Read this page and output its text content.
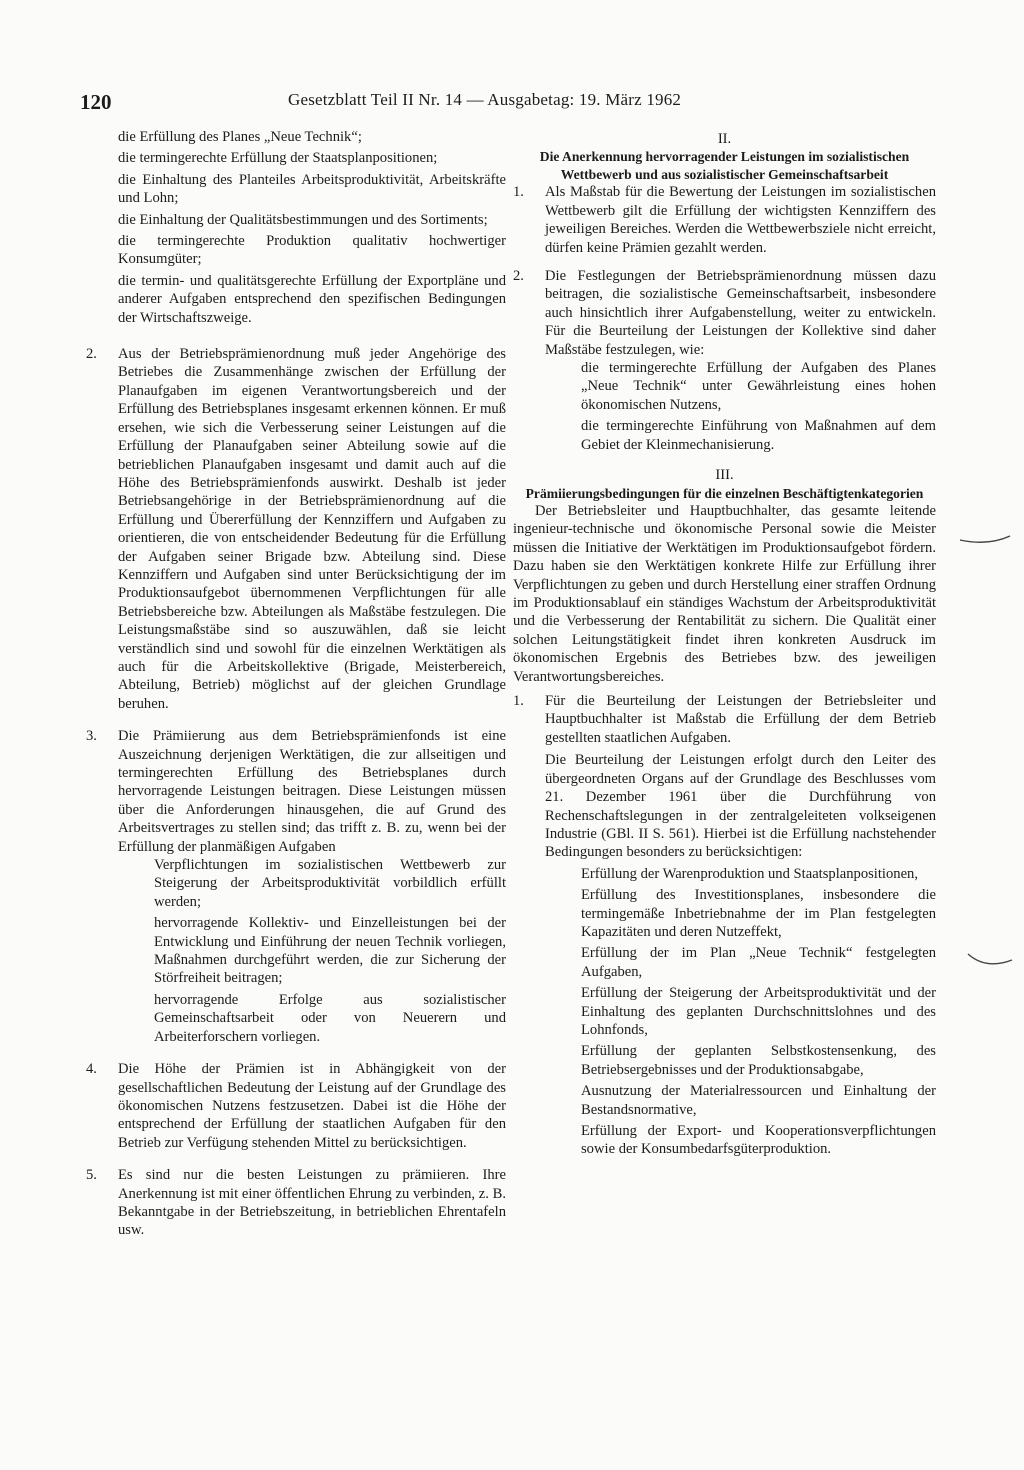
120	Gesetzblatt Teil II Nr. 14 — Ausgabetag: 19. März 1962

die Erfüllung des Planes „Neue Technik“;

die termingerechte Erfüllung der Staatsplanpositionen;

die Einhaltung des Planteiles Arbeitsproduktivität, Arbeitskräfte und Lohn;

die Einhaltung der Qualitätsbestimmungen und des Sortiments;

die termingerechte Produktion qualitativ hochwertiger Konsumgüter;

die termin- und qualitätsgerechte Erfüllung der Exportpläne und anderer Aufgaben entsprechend den spezifischen Bedingungen der Wirtschaftszweige.

2.	Aus der Betriebsprämienordnung muß jeder Angehörige des Betriebes die Zusammenhänge zwischen der Erfüllung der Planaufgaben im eigenen Verantwortungsbereich und der Erfüllung des Betriebsplanes insgesamt erkennen können. Er muß ersehen, wie sich die Verbesserung seiner Leistungen auf die Erfüllung der Planaufgaben seiner Abteilung sowie auf die betrieblichen Planaufgaben insgesamt und damit auch auf die Höhe des Betriebsprämienfonds auswirkt. Deshalb ist jeder Betriebsangehörige in der Betriebsprämienordnung auf die Erfüllung und Übererfüllung der Kennziffern und Aufgaben zu orientieren, die von entscheidender Bedeutung für die Erfüllung der Aufgaben seiner Brigade bzw. Abteilung sind. Diese Kennziffern und Aufgaben sind unter Berücksichtigung der im Produktionsaufgebot übernommenen Verpflichtungen für alle Betriebsbereiche bzw. Abteilungen als Maßstäbe festzulegen. Die Leistungsmaßstäbe sind so auszuwählen, daß sie leicht verständlich sind und sowohl für die einzelnen Werktätigen als auch für die Arbeitskollektive (Brigade, Meisterbereich, Abteilung, Betrieb) möglichst auf der gleichen Grundlage beruhen.

3.	Die Prämiierung aus dem Betriebsprämienfonds ist eine Auszeichnung derjenigen Werktätigen, die zur allseitigen und termingerechten Erfüllung des Betriebsplanes durch hervorragende Leistungen beitragen. Diese Leistungen müssen über die Anforderungen hinausgehen, die auf Grund des Arbeitsvertrages zu stellen sind; das trifft z. B. zu, wenn bei der Erfüllung der planmäßigen Aufgaben

Verpflichtungen im sozialistischen Wettbewerb zur Steigerung der Arbeitsproduktivität vorbildlich erfüllt werden;

hervorragende Kollektiv- und Einzelleistungen bei der Entwicklung und Einführung der neuen Technik vorliegen, Maßnahmen durchgeführt werden, die zur Sicherung der Störfreiheit beitragen;

hervorragende Erfolge aus sozialistischer Gemeinschaftsarbeit oder von Neuerern und Arbeiterforschern vorliegen.

4.	Die Höhe der Prämien ist in Abhängigkeit von der gesellschaftlichen Bedeutung der Leistung auf der Grundlage des ökonomischen Nutzens festzusetzen. Dabei ist die Höhe der entsprechend der Erfüllung der staatlichen Aufgaben für den Betrieb zur Verfügung stehenden Mittel zu berücksichtigen.

5.	Es sind nur die besten Leistungen zu prämiieren. Ihre Anerkennung ist mit einer öffentlichen Ehrung zu verbinden, z. B. Bekanntgabe in der Betriebszeitung, in betrieblichen Ehrentafeln usw.

II.

Die Anerkennung hervorragender Leistungen im sozialistischen Wettbewerb und aus sozialistischer Gemeinschaftsarbeit

1.	Als Maßstab für die Bewertung der Leistungen im sozialistischen Wettbewerb gilt die Erfüllung der wichtigsten Kennziffern des jeweiligen Bereiches. Werden die Wettbewerbsziele nicht erreicht, dürfen keine Prämien gezahlt werden.

2.	Die Festlegungen der Betriebsprämienordnung müssen dazu beitragen, die sozialistische Gemeinschaftsarbeit, insbesondere auch hinsichtlich ihrer Aufgabenstellung, weiter zu entwickeln. Für die Beurteilung der Leistungen der Kollektive sind daher Maßstäbe festzulegen, wie:

die termingerechte Erfüllung der Aufgaben des Planes „Neue Technik“ unter Gewährleistung eines hohen ökonomischen Nutzens,

die termingerechte Einführung von Maßnahmen auf dem Gebiet der Kleinmechanisierung.

III.

Prämiierungsbedingungen für die einzelnen Beschäftigtenkategorien

Der Betriebsleiter und Hauptbuchhalter, das gesamte leitende ingenieur-technische und ökonomische Personal sowie die Meister müssen die Initiative der Werktätigen im Produktionsaufgebot fördern. Dazu haben sie den Werktätigen konkrete Hilfe zur Erfüllung ihrer Verpflichtungen zu geben und durch Herstellung einer straffen Ordnung im Produktionsablauf ein ständiges Wachstum der Arbeitsproduktivität und die Verbesserung der Rentabilität zu sichern. Die Qualität einer solchen Leitungstätigkeit findet ihren konkreten Ausdruck im ökonomischen Ergebnis des Betriebes bzw. des jeweiligen Verantwortungsbereiches.

1.	Für die Beurteilung der Leistungen der Betriebsleiter und Hauptbuchhalter ist Maßstab die Erfüllung der dem Betrieb gestellten staatlichen Aufgaben.

Die Beurteilung der Leistungen erfolgt durch den Leiter des übergeordneten Organs auf der Grundlage des Beschlusses vom 21. Dezember 1961 über die Durchführung von Rechenschaftslegungen in der zentralgeleiteten volkseigenen Industrie (GBl. II S. 561). Hierbei ist die Erfüllung nachstehender Bedingungen besonders zu berücksichtigen:

Erfüllung der Warenproduktion und Staatsplanpositionen,

Erfüllung des Investitionsplanes, insbesondere die termingemäße Inbetriebnahme der im Plan festgelegten Kapazitäten und deren Nutzeffekt,

Erfüllung der im Plan „Neue Technik“ festgelegten Aufgaben,

Erfüllung der Steigerung der Arbeitsproduktivität und der Einhaltung des geplanten Durchschnittslohnes und des Lohnfonds,

Erfüllung der geplanten Selbstkostensenkung, des Betriebsergebnisses und der Produktionsabgabe,

Ausnutzung der Materialressourcen und Einhaltung der Bestandsnormative,

Erfüllung der Export- und Kooperationsverpflichtungen sowie der Konsumbedarfsgüterproduktion.
